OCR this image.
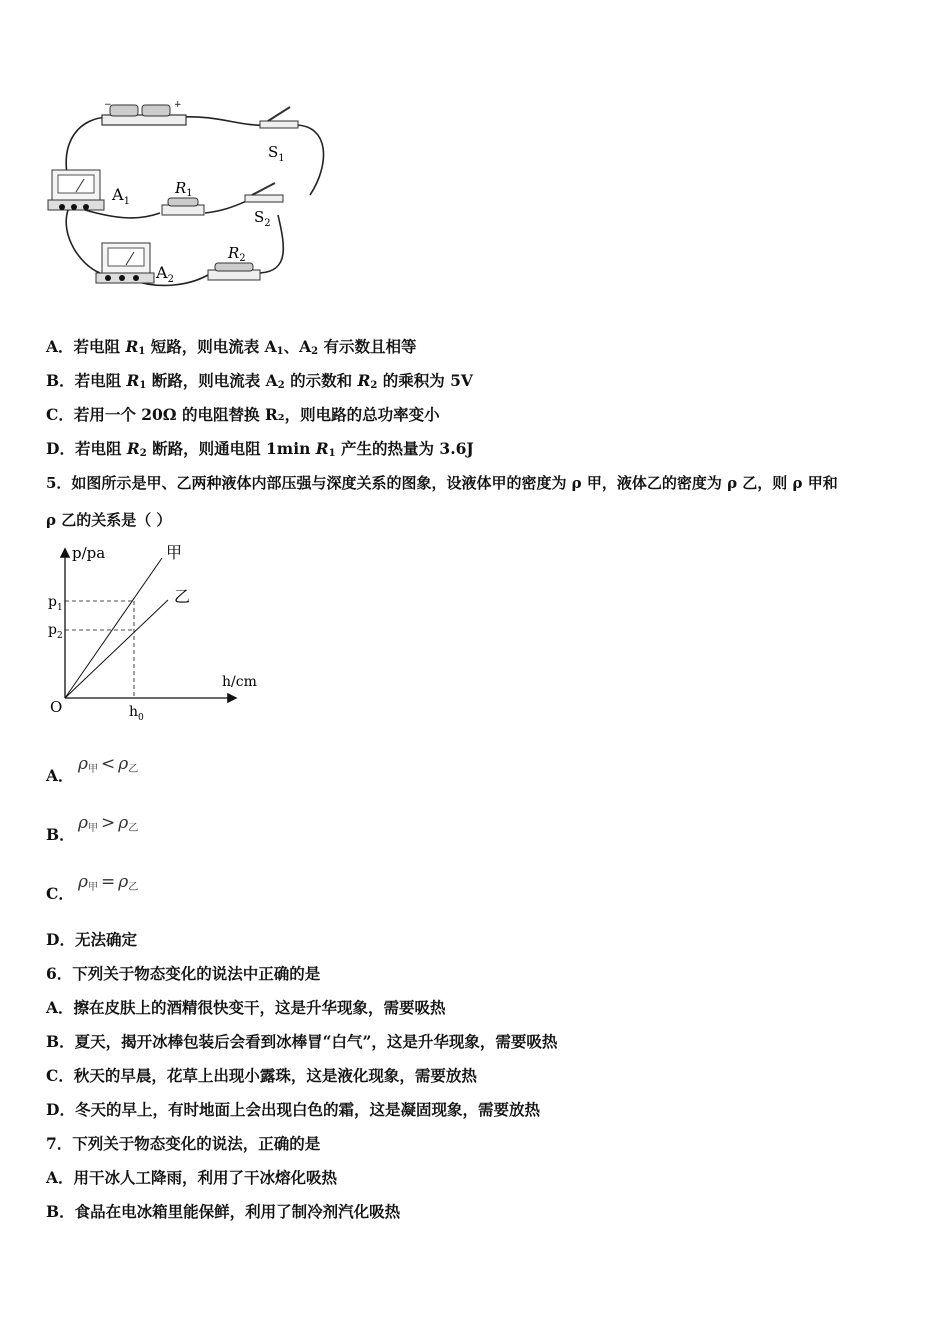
−	+
$S_1$
$A_1$
$R_1$
$S_2$
$A_2$
$R_2$
A．若电阻 $R_1$ 短路，则电流表 $A_1$、$A_2$ 有示数且相等
B．若电阻 $R_1$ 断路，则电流表 $A_2$ 的示数和 $R_2$ 的乘积为 5V
C．若用一个 20Ω 的电阻替换 R₂，则电路的总功率变小
D．若电阻 $R_2$ 断路，则通电阻 1min $R_1$ 产生的热量为 3.6J
5．如图所示是甲、乙两种液体内部压强与深度关系的图象，设液体甲的密度为 ρ 甲，液体乙的密度为 ρ 乙，则 ρ 甲和
ρ 乙的关系是（ ）
p/pa
h/cm
O
$p_1$
$p_2$
$h_0$
甲
乙
A．
ρ甲 < ρ乙
B．
ρ甲 > ρ乙
C．
ρ甲 = ρ乙
D．无法确定
6．下列关于物态变化的说法中正确的是
A．擦在皮肤上的酒精很快变干，这是升华现象，需要吸热
B．夏天，揭开冰棒包装后会看到冰棒冒“白气”，这是升华现象，需要吸热
C．秋天的早晨，花草上出现小露珠，这是液化现象，需要放热
D．冬天的早上，有时地面上会出现白色的霜，这是凝固现象，需要放热
7．下列关于物态变化的说法，正确的是
A．用干冰人工降雨，利用了干冰熔化吸热
B．食品在电冰箱里能保鲜，利用了制冷剂汽化吸热
